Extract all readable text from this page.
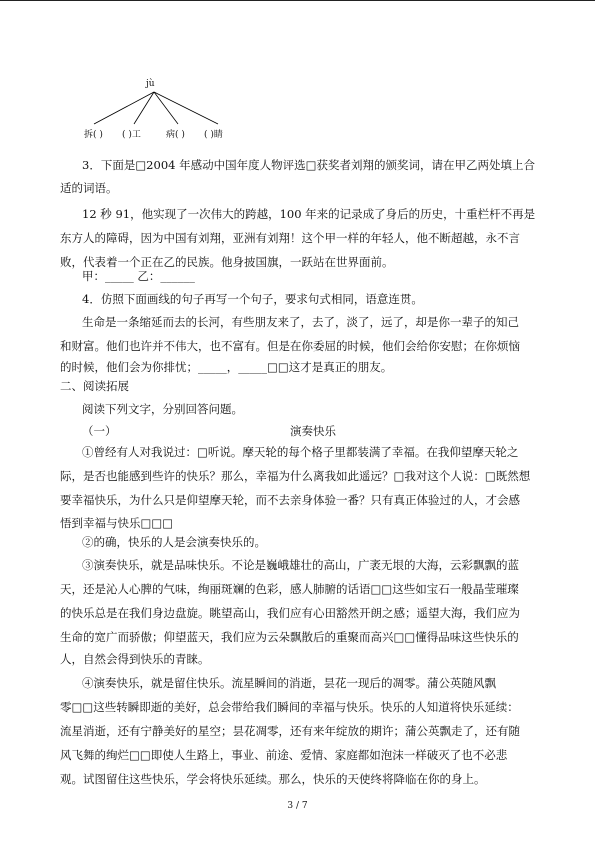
jù
拆( ) ( )工	病( ) ( )睛
3．下面是□2004 年感动中国年度人物评选□获奖者刘翔的颁奖词，请在甲乙两处填上合
适的词语。
12 秒 91，他实现了一次伟大的跨越，100 年来的记录成了身后的历史，十重栏杆不再是
东方人的障碍，因为中国有刘翔，亚洲有刘翔！这个甲一样的年轻人，他不断超越，永不言
败，代表着一个正在乙的民族。他身披国旗，一跃站在世界面前。
甲：_____ 乙：______
4．仿照下面画线的句子再写一个句子，要求句式相同，语意连贯。
生命是一条缩延而去的长河，有些朋友来了，去了，淡了，远了，却是你一辈子的知己
和财富。他们也许并不伟大，也不富有。但是在你委屈的时候，他们会给你安慰；在你烦恼
的时候，他们会为你排忧；_____，_____□□这才是真正的朋友。
二、阅读拓展
阅读下列文字，分别回答问题。
（一）	演奏快乐
①曾经有人对我说过：□听说。摩天轮的每个格子里都装满了幸福。在我仰望摩天轮之
际，是否也能感到些许的快乐？那么，幸福为什么离我如此遥远？□我对这个人说：□既然想
要幸福快乐，为什么只是仰望摩天轮，而不去亲身体验一番？只有真正体验过的人，才会感
悟到幸福与快乐□□□
②的确，快乐的人是会演奏快乐的。
③演奏快乐，就是品味快乐。不论是巍峨雄壮的高山，广袤无垠的大海，云彩飘飘的蓝
天，还是沁人心脾的气味，绚丽斑斓的色彩，感人肺腑的话语□□这些如宝石一般晶莹璀璨
的快乐总是在我们身边盘旋。眺望高山，我们应有心田豁然开朗之感；遥望大海，我们应为
生命的宽广而骄傲；仰望蓝天，我们应为云朵飘散后的重聚而高兴□□懂得品味这些快乐的
人，自然会得到快乐的青睐。
④演奏快乐，就是留住快乐。流星瞬间的消逝，昙花一现后的凋零。蒲公英随风飘
零□□这些转瞬即逝的美好，总会带给我们瞬间的幸福与快乐。快乐的人知道将快乐延续：
流星消逝，还有宁静美好的星空；昙花凋零，还有来年绽放的期许；蒲公英飘走了，还有随
风飞舞的绚烂□□即使人生路上，事业、前途、爱情、家庭都如泡沫一样破灭了也不必悲
观。试图留住这些快乐，学会将快乐延续。那么，快乐的天使终将降临在你的身上。
3 / 7
